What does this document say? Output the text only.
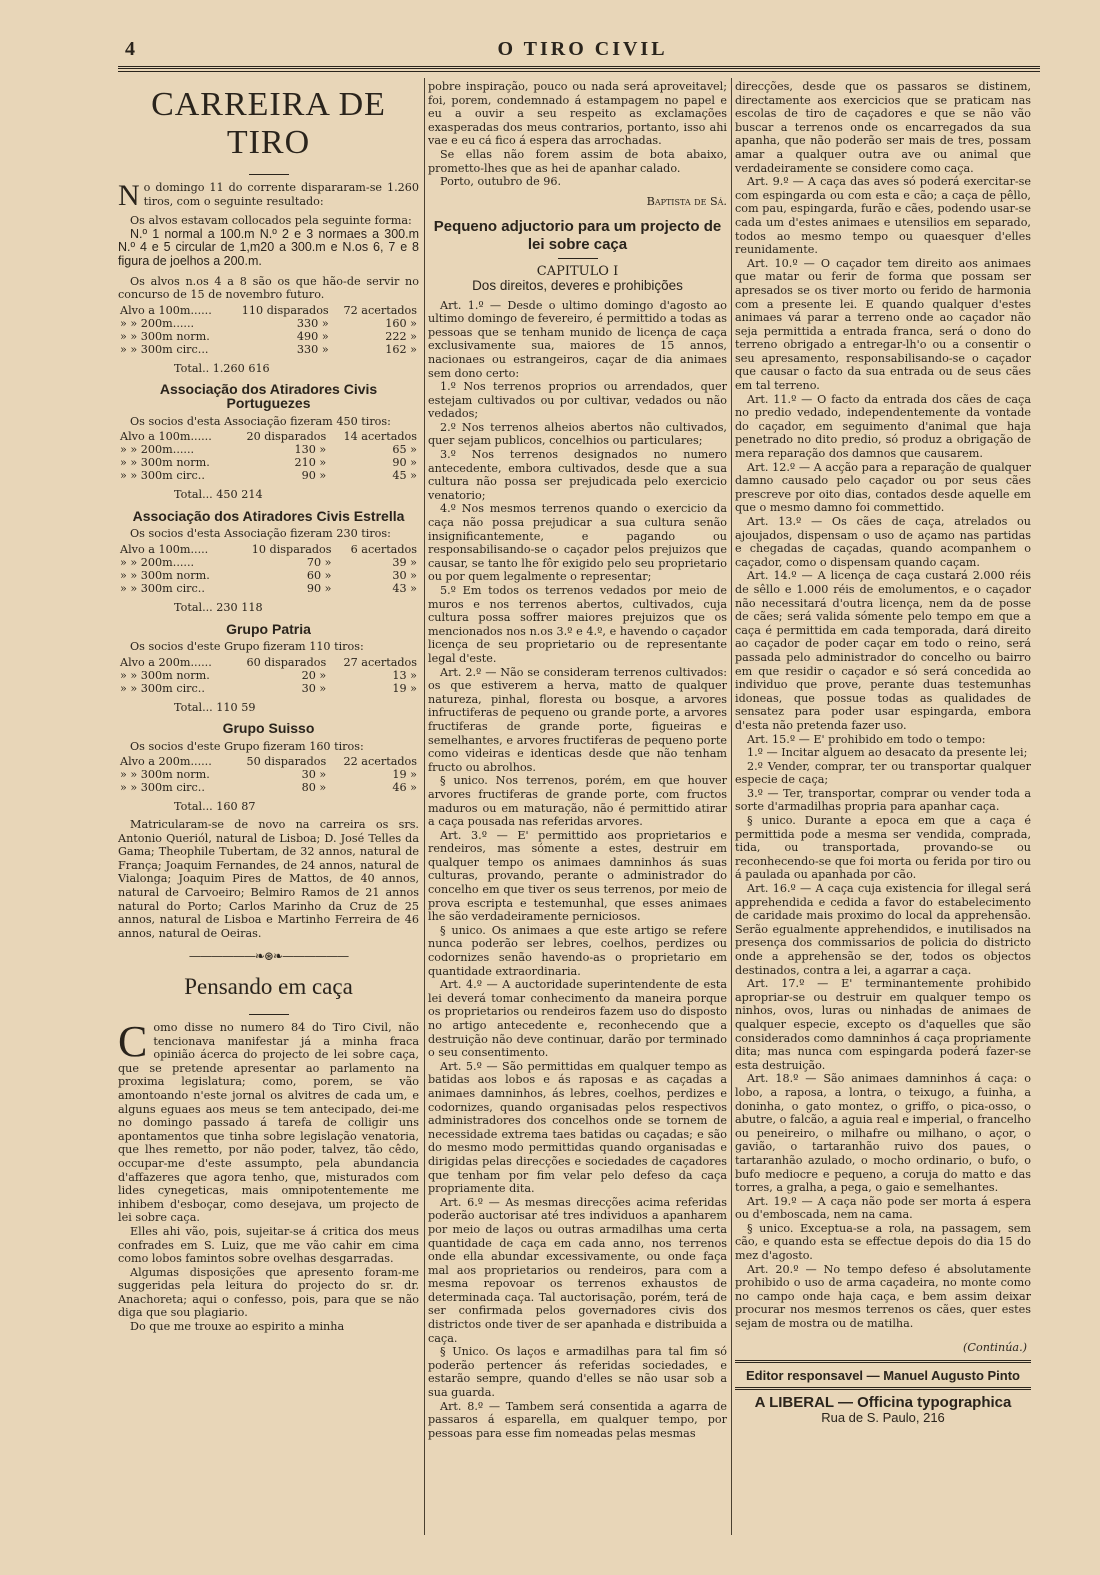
4	O TIRO CIVIL
CARREIRA DE TIRO

No domingo 11 do corrente dispararam-se 1.260 tiros, com o seguinte resultado:

Os alvos estavam collocados pela seguinte forma:

N.º 1 normal a 100.m N.º 2 e 3 normaes a 300.m N.º 4 e 5 circular de 1,m20 a 300.m e N.os 6, 7 e 8 figura de joelhos a 200.m.

Os alvos n.os 4 a 8 são os que hão-de servir no concurso de 15 de novembro futuro.

Alvo a 100m......	110 disparados	72 acertados
» » 200m......	330 »	160 »
» » 300m norm.	490 »	222 »
» » 300m circ...	330 »	162 »

Total.. 1.260 616

Associação dos Atiradores Civis Portuguezes

Os socios d'esta Associação fizeram 450 tiros:

Alvo a 100m......	20 disparados	14 acertados
» » 200m......	130 »	65 »
» » 300m norm.	210 »	90 »
» » 300m circ..	90 »	45 »

Total... 450 214

Associação dos Atiradores Civis Estrella

Os socios d'esta Associação fizeram 230 tiros:

Alvo a 100m.....	10 disparados	6 acertados
» » 200m......	70 »	39 »
» » 300m norm.	60 »	30 »
» » 300m circ..	90 »	43 »

Total... 230 118

Grupo Patria

Os socios d'este Grupo fizeram 110 tiros:

Alvo a 200m......	60 disparados	27 acertados
» » 300m norm.	20 »	13 »
» » 300m circ..	30 »	19 »

Total... 110 59

Grupo Suisso

Os socios d'este Grupo fizeram 160 tiros:

Alvo a 200m......	50 disparados	22 acertados
» » 300m norm.	30 »	19 »
» » 300m circ..	80 »	46 »

Total... 160 87

Matricularam-se de novo na carreira os srs. Antonio Queriól, natural de Lisboa; D. José Telles da Gama; Theophile Tubertam, de 32 annos, natural de França; Joaquim Fernandes, de 24 annos, natural de Vialonga; Joaquim Pires de Mattos, de 40 annos, natural de Carvoeiro; Belmiro Ramos de 21 annos natural do Porto; Carlos Marinho da Cruz de 25 annos, natural de Lisboa e Martinho Ferreira de 46 annos, natural de Oeiras.

——————❧⊛❧——————

Pensando em caça

Como disse no numero 84 do Tiro Civil, não tencionava manifestar já a minha fraca opinião ácerca do projecto de lei sobre caça, que se pretende apresentar ao parlamento na proxima legislatura; como, porem, se vão amontoando n'este jornal os alvitres de cada um, e alguns eguaes aos meus se tem antecipado, dei-me no domingo passado á tarefa de colligir uns apontamentos que tinha sobre legislação venatoria, que lhes remetto, por não poder, talvez, tão cêdo, occupar-me d'este assumpto, pela abundancia d'affazeres que agora tenho, que, misturados com lides cynegeticas, mais omnipotentemente me inhibem d'esboçar, como desejava, um projecto de lei sobre caça.

Elles ahi vão, pois, sujeitar-se á critica dos meus confrades em S. Luiz, que me vão cahir em cima como lobos famintos sobre ovelhas desgarradas.

Algumas disposições que apresento foram-me suggeridas pela leitura do projecto do sr. dr. Anachoreta; aqui o confesso, pois, para que se não diga que sou plagiario.

Do que me trouxe ao espirito a minha

pobre inspiração, pouco ou nada será aproveitavel; foi, porem, condemnado á estampagem no papel e eu a ouvir a seu respeito as exclamações exasperadas dos meus contrarios, portanto, isso ahi vae e eu cá fico á espera das arrochadas.

Se ellas não forem assim de bota abaixo, prometto-lhes que as hei de apanhar calado.

Porto, outubro de 96.

Baptista de Sá.

Pequeno adjuctorio para um projecto de lei sobre caça

CAPITULO I

Dos direitos, deveres e prohibições

Art. 1.º — Desde o ultimo domingo d'agosto ao ultimo domingo de fevereiro, é permittido a todas as pessoas que se tenham munido de licença de caça exclusivamente sua, maiores de 15 annos, nacionaes ou estrangeiros, caçar de dia animaes sem dono certo:

1.º Nos terrenos proprios ou arrendados, quer estejam cultivados ou por cultivar, vedados ou não vedados;

2.º Nos terrenos alheios abertos não cultivados, quer sejam publicos, concelhios ou particulares;

3.º Nos terrenos designados no numero antecedente, embora cultivados, desde que a sua cultura não possa ser prejudicada pelo exercicio venatorio;

4.º Nos mesmos terrenos quando o exercicio da caça não possa prejudicar a sua cultura senão insignificantemente, e pagando ou responsabilisando-se o caçador pelos prejuizos que causar, se tanto lhe fôr exigido pelo seu proprietario ou por quem legalmente o representar;

5.º Em todos os terrenos vedados por meio de muros e nos terrenos abertos, cultivados, cuja cultura possa soffrer maiores prejuizos que os mencionados nos n.os 3.º e 4.º, e havendo o caçador licença de seu proprietario ou de representante legal d'este.

Art. 2.º — Não se consideram terrenos cultivados: os que estiverem a herva, matto de qualquer natureza, pinhal, floresta ou bosque, a arvores infructiferas de pequeno ou grande porte, a arvores fructiferas de grande porte, figueiras e semelhantes, e arvores fructiferas de pequeno porte como videiras e identicas desde que não tenham fructo ou abrolhos.

§ unico. Nos terrenos, porém, em que houver arvores fructiferas de grande porte, com fructos maduros ou em maturação, não é permittido atirar a caça pousada nas referidas arvores.

Art. 3.º — E' permittido aos proprietarios e rendeiros, mas sómente a estes, destruir em qualquer tempo os animaes damninhos ás suas culturas, provando, perante o administrador do concelho em que tiver os seus terrenos, por meio de prova escripta e testemunhal, que esses animaes lhe são verdadeiramente perniciosos.

§ unico. Os animaes a que este artigo se refere nunca poderão ser lebres, coelhos, perdizes ou codornizes senão havendo-as o proprietario em quantidade extraordinaria.

Art. 4.º — A auctoridade superintendente de esta lei deverá tomar conhecimento da maneira porque os proprietarios ou rendeiros fazem uso do disposto no artigo antecedente e, reconhecendo que a destruição não deve continuar, darão por terminado o seu consentimento.

Art. 5.º — São permittidas em qualquer tempo as batidas aos lobos e ás raposas e as caçadas a animaes damninhos, ás lebres, coelhos, perdizes e codornizes, quando organisadas pelos respectivos administradores dos concelhos onde se tornem de necessidade extrema taes batidas ou caçadas; e são do mesmo modo permittidas quando organisadas e dirigidas pelas direcções e sociedades de caçadores que tenham por fim velar pelo defeso da caça propriamente dita.

Art. 6.º — As mesmas direcções acima referidas poderão auctorisar até tres individuos a apanharem por meio de laços ou outras armadilhas uma certa quantidade de caça em cada anno, nos terrenos onde ella abundar excessivamente, ou onde faça mal aos proprietarios ou rendeiros, para com a mesma repovoar os terrenos exhaustos de determinada caça. Tal auctorisação, porém, terá de ser confirmada pelos governadores civis dos districtos onde tiver de ser apanhada e distribuida a caça.

§ Unico. Os laços e armadilhas para tal fim só poderão pertencer ás referidas sociedades, e estarão sempre, quando d'elles se não usar sob a sua guarda.

Art. 8.º — Tambem será consentida a agarra de passaros á esparella, em qualquer tempo, por pessoas para esse fim nomeadas pelas mesmas

direcções, desde que os passaros se distinem, directamente aos exercicios que se praticam nas escolas de tiro de caçadores e que se não vão buscar a terrenos onde os encarregados da sua apanha, que não poderão ser mais de tres, possam amar a qualquer outra ave ou animal que verdadeiramente se considere como caça.

Art. 9.º — A caça das aves só poderá exercitar-se com espingarda ou com esta e cão; a caça de pêllo, com pau, espingarda, furão e cães, podendo usar-se cada um d'estes animaes e utensilios em separado, todos ao mesmo tempo ou quaesquer d'elles reunidamente.

Art. 10.º — O caçador tem direito aos animaes que matar ou ferir de forma que possam ser apresados se os tiver morto ou ferido de harmonia com a presente lei. E quando qualquer d'estes animaes vá parar a terreno onde ao caçador não seja permittida a entrada franca, será o dono do terreno obrigado a entregar-lh'o ou a consentir o seu apresamento, responsabilisando-se o caçador que causar o facto da sua entrada ou de seus cães em tal terreno.

Art. 11.º — O facto da entrada dos cães de caça no predio vedado, independentemente da vontade do caçador, em seguimento d'animal que haja penetrado no dito predio, só produz a obrigação de mera reparação dos damnos que causarem.

Art. 12.º — A acção para a reparação de qualquer damno causado pelo caçador ou por seus cães prescreve por oito dias, contados desde aquelle em que o mesmo damno foi commettido.

Art. 13.º — Os cães de caça, atrelados ou ajoujados, dispensam o uso de açamo nas partidas e chegadas de caçadas, quando acompanhem o caçador, como o dispensam quando caçam.

Art. 14.º — A licença de caça custará 2.000 réis de sêllo e 1.000 réis de emolumentos, e o caçador não necessitará d'outra licença, nem da de posse de cães; será valida sómente pelo tempo em que a caça é permittida em cada temporada, dará direito ao caçador de poder caçar em todo o reino, será passada pelo administrador do concelho ou bairro em que residir o caçador e só será concedida ao individuo que prove, perante duas testemunhas idoneas, que possue todas as qualidades de sensatez para poder usar espingarda, embora d'esta não pretenda fazer uso.

Art. 15.º — E' prohibido em todo o tempo:

1.º — Incitar alguem ao desacato da presente lei;

2.º Vender, comprar, ter ou transportar qualquer especie de caça;

3.º — Ter, transportar, comprar ou vender toda a sorte d'armadilhas propria para apanhar caça.

§ unico. Durante a epoca em que a caça é permittida pode a mesma ser vendida, comprada, tida, ou transportada, provando-se ou reconhecendo-se que foi morta ou ferida por tiro ou á paulada ou apanhada por cão.

Art. 16.º — A caça cuja existencia for illegal será apprehendida e cedida a favor do estabelecimento de caridade mais proximo do local da apprehensão. Serão egualmente apprehendidos, e inutilisados na presença dos commissarios de policia do districto onde a apprehensão se der, todos os objectos destinados, contra a lei, a agarrar a caça.

Art. 17.º — E' terminantemente prohibido apropriar-se ou destruir em qualquer tempo os ninhos, ovos, luras ou ninhadas de animaes de qualquer especie, excepto os d'aquelles que são considerados como damninhos á caça propriamente dita; mas nunca com espingarda poderá fazer-se esta destruição.

Art. 18.º — São animaes damninhos á caça: o lobo, a raposa, a lontra, o teixugo, a fuinha, a doninha, o gato montez, o griffo, o pica-osso, o abutre, o falcão, a aguia real e imperial, o francelho ou peneireiro, o milhafre ou milhano, o açor, o gavião, o tartaranhão ruivo dos paues, o tartaranhão azulado, o mocho ordinario, o bufo, o bufo mediocre e pequeno, a coruja do matto e das torres, a gralha, a pega, o gaio e semelhantes.

Art. 19.º — A caça não pode ser morta á espera ou d'emboscada, nem na cama.

§ unico. Exceptua-se a rola, na passagem, sem cão, e quando esta se effectue depois do dia 15 do mez d'agosto.

Art. 20.º — No tempo defeso é absolutamente prohibido o uso de arma caçadeira, no monte como no campo onde haja caça, e bem assim deixar procurar nos mesmos terrenos os cães, quer estes sejam de mostra ou de matilha.

(Continúa.)

Editor responsavel — Manuel Augusto Pinto

A LIBERAL — Officina typographica

Rua de S. Paulo, 216
